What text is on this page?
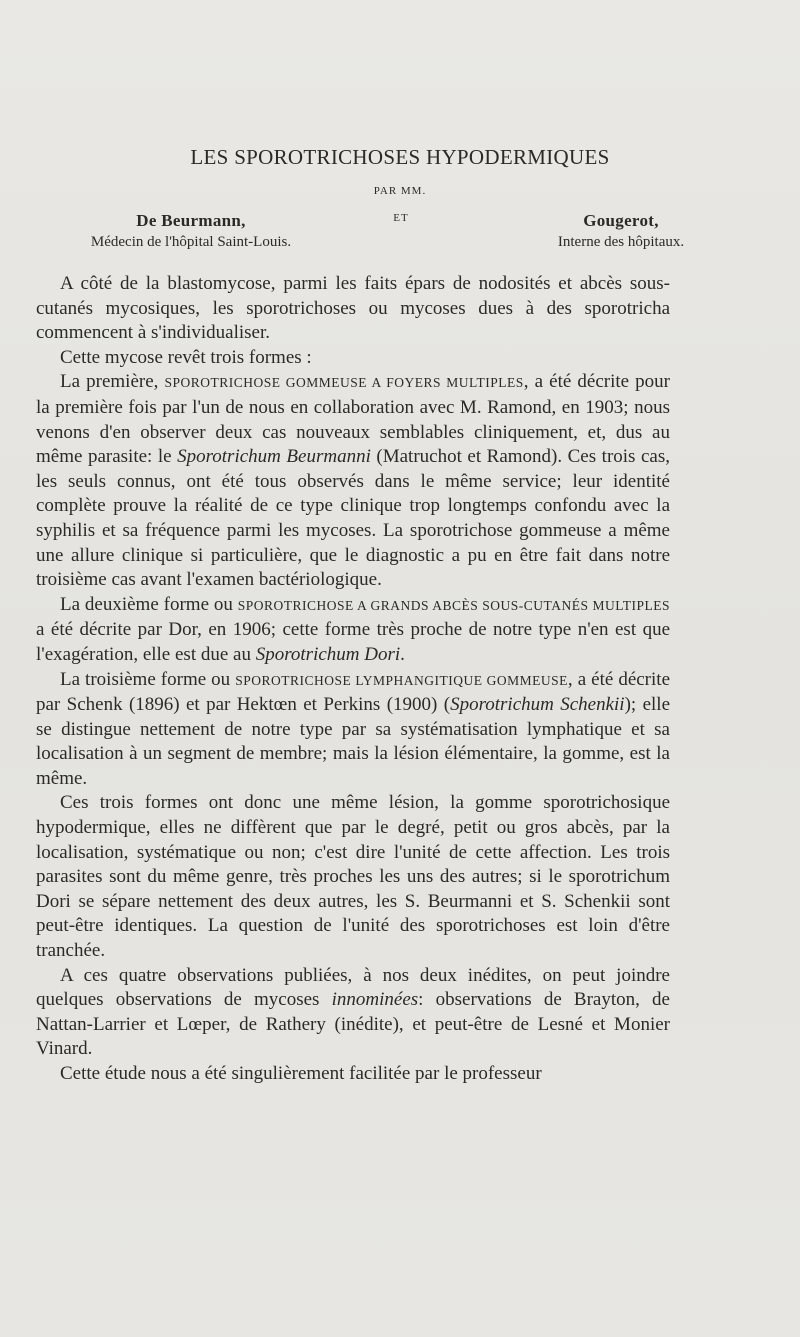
LES SPOROTRICHOSES HYPODERMIQUES
PAR MM.
De Beurmann,
Médecin de l'hôpital Saint-Louis.
ET	Gougerot,
Interne des hôpitaux.

A côté de la blastomycose, parmi les faits épars de nodosités et abcès sous-cutanés mycosiques, les sporotrichoses ou mycoses dues à des sporotricha commencent à s'individualiser.

Cette mycose revêt trois formes :

La première, SPOROTRICHOSE GOMMEUSE A FOYERS MULTIPLES, a été décrite pour la première fois par l'un de nous en collaboration avec M. Ramond, en 1903; nous venons d'en observer deux cas nouveaux semblables cliniquement, et, dus au même parasite: le Sporotrichum Beurmanni (Matruchot et Ramond). Ces trois cas, les seuls connus, ont été tous observés dans le même service; leur identité complète prouve la réalité de ce type clinique trop longtemps confondu avec la syphilis et sa fréquence parmi les mycoses. La sporotrichose gommeuse a même une allure clinique si particulière, que le diagnostic a pu en être fait dans notre troisième cas avant l'examen bactériologique.

La deuxième forme ou SPOROTRICHOSE A GRANDS ABCÈS SOUS-CUTANÉS MULTIPLES a été décrite par Dor, en 1906; cette forme très proche de notre type n'en est que l'exagération, elle est due au Sporotrichum Dori.

La troisième forme ou SPOROTRICHOSE LYMPHANGITIQUE GOMMEUSE, a été décrite par Schenk (1896) et par Hektœn et Perkins (1900) (Sporotrichum Schenkii); elle se distingue nettement de notre type par sa systématisation lymphatique et sa localisation à un segment de membre; mais la lésion élémentaire, la gomme, est la même.

Ces trois formes ont donc une même lésion, la gomme sporotrichosique hypodermique, elles ne diffèrent que par le degré, petit ou gros abcès, par la localisation, systématique ou non; c'est dire l'unité de cette affection. Les trois parasites sont du même genre, très proches les uns des autres; si le sporotrichum Dori se sépare nettement des deux autres, les S. Beurmanni et S. Schenkii sont peut-être identiques. La question de l'unité des sporotrichoses est loin d'être tranchée.

A ces quatre observations publiées, à nos deux inédites, on peut joindre quelques observations de mycoses innominées: observations de Brayton, de Nattan-Larrier et Lœper, de Rathery (inédite), et peut-être de Lesné et Monier Vinard.

Cette étude nous a été singulièrement facilitée par le professeur
